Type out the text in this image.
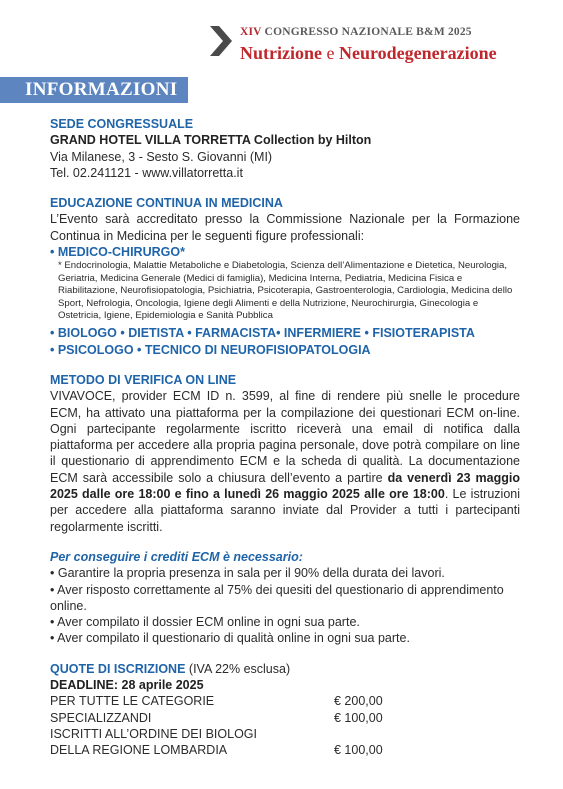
XIV CONGRESSO NAZIONALE B&M 2025
Nutrizione e Neurodegenerazione
INFORMAZIONI

SEDE CONGRESSUALE

GRAND HOTEL VILLA TORRETTA Collection by Hilton

Via Milanese, 3 - Sesto S. Giovanni (MI)

Tel. 02.241121 - www.villatorretta.it

EDUCAZIONE CONTINUA IN MEDICINA

L’Evento sarà accreditato presso la Commissione Nazionale per la Formazione Continua in Medicina per le seguenti figure professionali:

• MEDICO-CHIRURGO*

* Endocrinologia, Malattie Metaboliche e Diabetologia, Scienza dell’Alimentazione e Dietetica, Neurologia, Geriatria, Medicina Generale (Medici di famiglia), Medicina Interna, Pediatria, Medicina Fisica e Riabilitazione, Neurofisiopatologia, Psichiatria, Psicoterapia, Gastroenterologia, Cardiologia, Medicina dello Sport, Nefrologia, Oncologia, Igiene degli Alimenti e della Nutrizione, Neurochirurgia, Ginecologia e Ostetricia, Igiene, Epidemiologia e Sanità Pubblica

• BIOLOGO • DIETISTA • FARMACISTA• INFERMIERE • FISIOTERAPISTA

• PSICOLOGO • TECNICO DI NEUROFISIOPATOLOGIA

METODO DI VERIFICA ON LINE

VIVAVOCE, provider ECM ID n. 3599, al fine di rendere più snelle le procedure ECM, ha attivato una piattaforma per la compilazione dei questionari ECM on-line. Ogni partecipante regolarmente iscritto riceverà una email di notifica dalla piattaforma per accedere alla propria pagina personale, dove potrà compilare on line il questionario di apprendimento ECM e la scheda di qualità. La documentazione ECM sarà accessibile solo a chiusura dell’evento a partire da venerdì 23 maggio 2025 dalle ore 18:00 e fino a lunedì 26 maggio 2025 alle ore 18:00. Le istruzioni per accedere alla piattaforma saranno inviate dal Provider a tutti i partecipanti regolarmente iscritti.

Per conseguire i crediti ECM è necessario:

• Garantire la propria presenza in sala per il 90% della durata dei lavori.
• Aver risposto correttamente al 75% dei quesiti del questionario di apprendimento online.
• Aver compilato il dossier ECM online in ogni sua parte.
• Aver compilato il questionario di qualità online in ogni sua parte.

QUOTE DI ISCRIZIONE (IVA 22% esclusa)

DEADLINE: 28 aprile 2025

PER TUTTE LE CATEGORIE	€ 200,00
SPECIALIZZANDI	€ 100,00
ISCRITTI ALL’ORDINE DEI BIOLOGI
DELLA REGIONE LOMBARDIA	€ 100,00
